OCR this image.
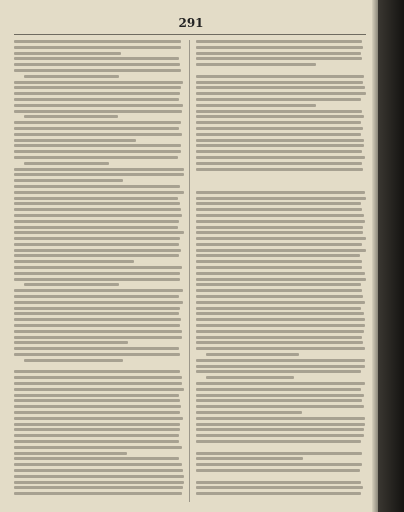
291
